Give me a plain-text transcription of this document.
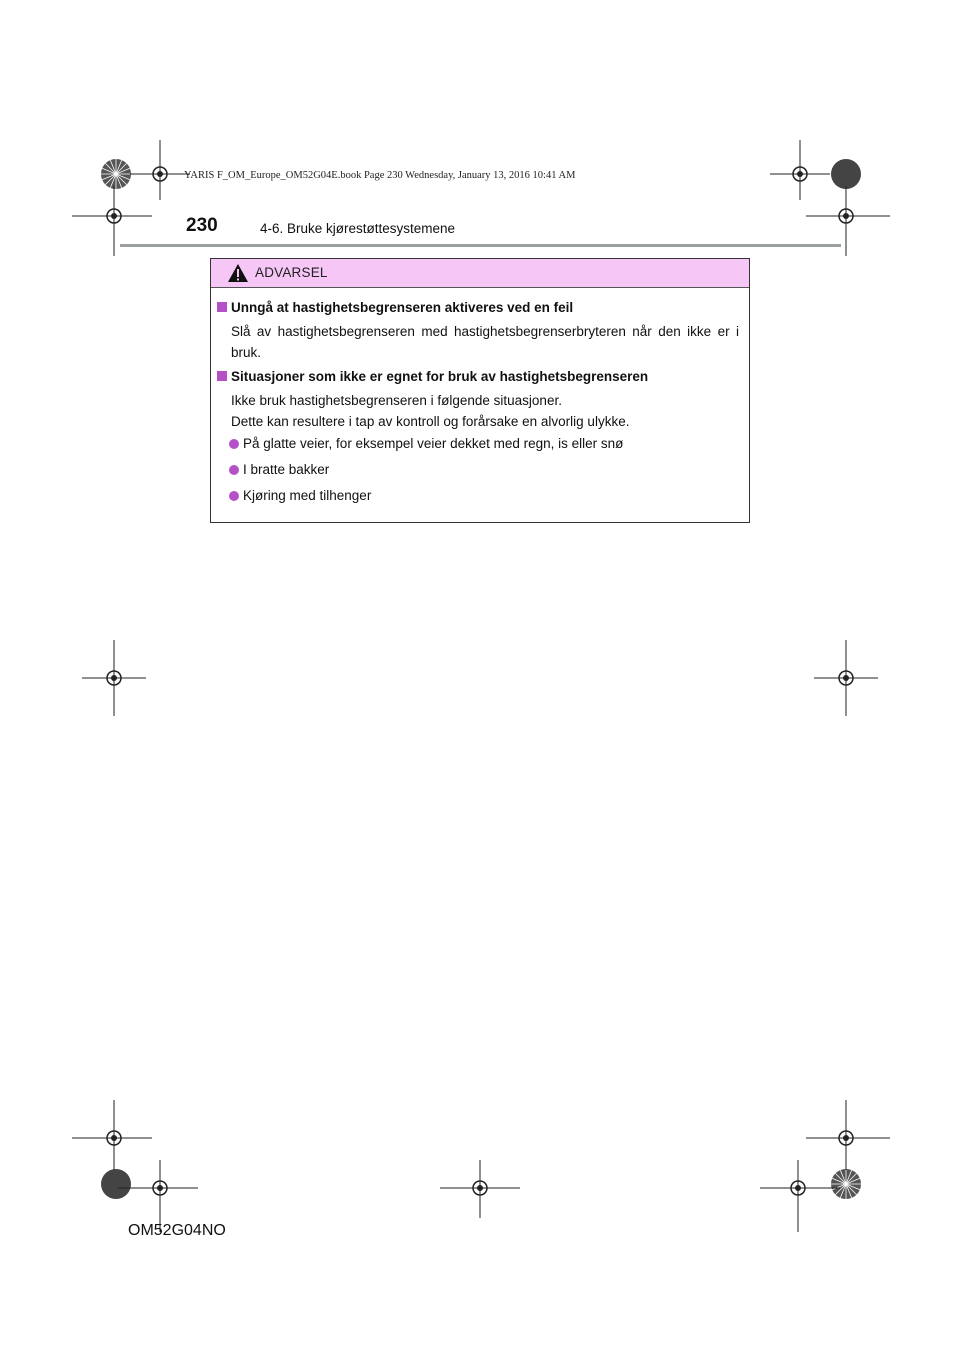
YARIS F_OM_Europe_OM52G04E.book Page 230 Wednesday, January 13, 2016 10:41 AM
230	4-6. Bruke kjørestøttesystemene
ADVARSEL
Unngå at hastighetsbegrenseren aktiveres ved en feil
Slå av hastighetsbegrenseren med hastighetsbegrenserbryteren når den ikke er i bruk.
Situasjoner som ikke er egnet for bruk av hastighetsbegrenseren
Ikke bruk hastighetsbegrenseren i følgende situasjoner.
Dette kan resultere i tap av kontroll og forårsake en alvorlig ulykke.
På glatte veier, for eksempel veier dekket med regn, is eller snø
I bratte bakker
Kjøring med tilhenger
OM52G04NO
